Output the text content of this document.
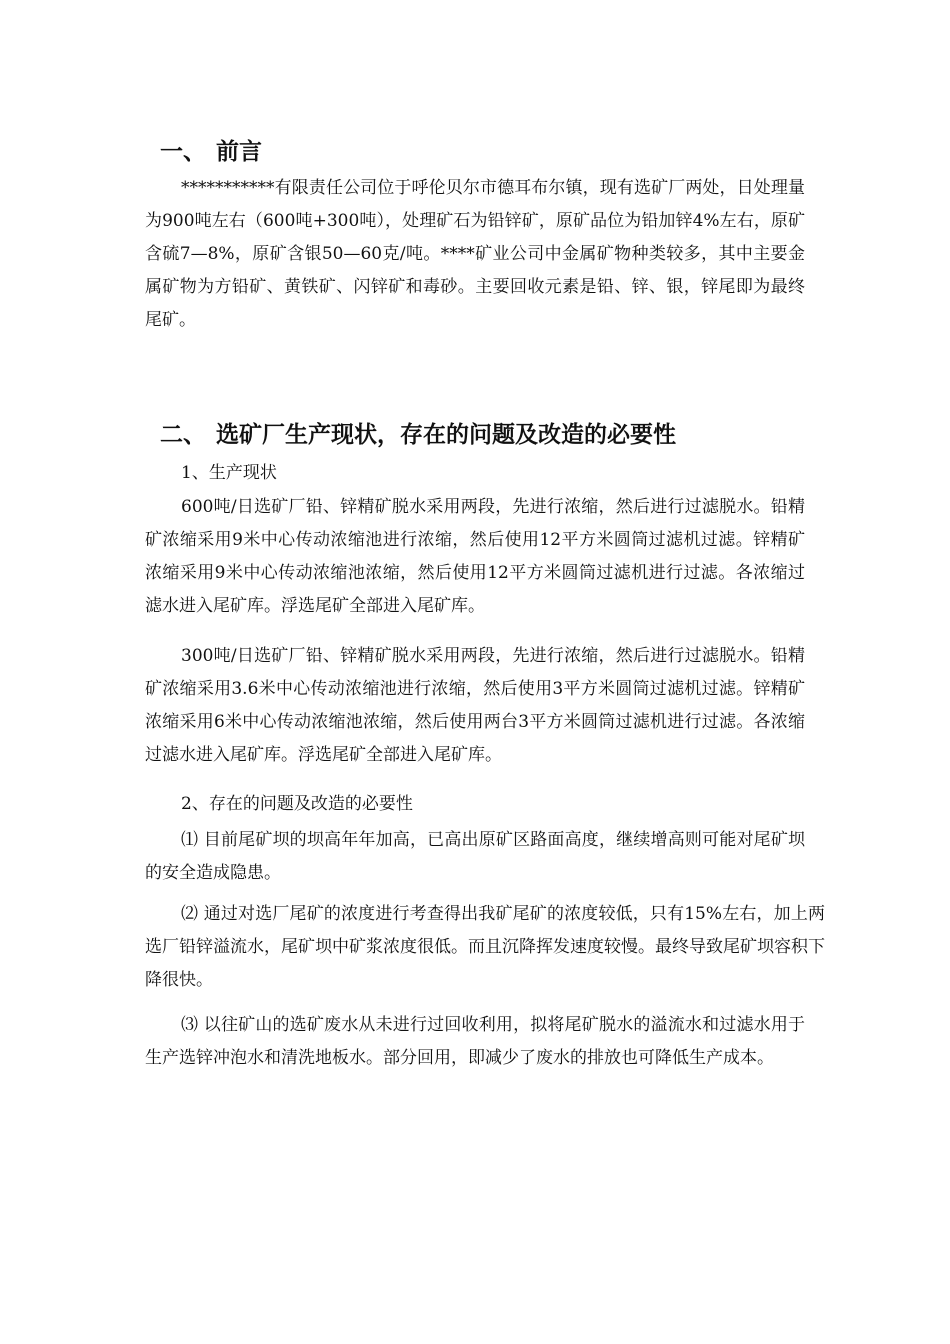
一、 前言

***********有限责任公司位于呼伦贝尔市德耳布尔镇，现有选矿厂两处，日处理量为900吨左右（600吨+300吨），处理矿石为铅锌矿，原矿品位为铅加锌4%左右，原矿含硫7—8%，原矿含银50—60克/吨。****矿业公司中金属矿物种类较多，其中主要金属矿物为方铅矿、黄铁矿、闪锌矿和毒砂。主要回收元素是铅、锌、银，锌尾即为最终尾矿。

二、 选矿厂生产现状，存在的问题及改造的必要性

1、生产现状

600吨/日选矿厂铅、锌精矿脱水采用两段，先进行浓缩，然后进行过滤脱水。铅精矿浓缩采用9米中心传动浓缩池进行浓缩，然后使用12平方米圆筒过滤机过滤。锌精矿浓缩采用9米中心传动浓缩池浓缩，然后使用12平方米圆筒过滤机进行过滤。各浓缩过滤水进入尾矿库。浮选尾矿全部进入尾矿库。

300吨/日选矿厂铅、锌精矿脱水采用两段，先进行浓缩，然后进行过滤脱水。铅精矿浓缩采用3.6米中心传动浓缩池进行浓缩，然后使用3平方米圆筒过滤机过滤。锌精矿浓缩采用6米中心传动浓缩池浓缩，然后使用两台3平方米圆筒过滤机进行过滤。各浓缩过滤水进入尾矿库。浮选尾矿全部进入尾矿库。

2、存在的问题及改造的必要性

⑴ 目前尾矿坝的坝高年年加高，已高出原矿区路面高度，继续增高则可能对尾矿坝的安全造成隐患。

⑵ 通过对选厂尾矿的浓度进行考查得出我矿尾矿的浓度较低，只有15%左右，加上两选厂铅锌溢流水，尾矿坝中矿浆浓度很低。而且沉降挥发速度较慢。最终导致尾矿坝容积下降很快。

⑶ 以往矿山的选矿废水从未进行过回收利用，拟将尾矿脱水的溢流水和过滤水用于生产选锌冲泡水和清洗地板水。部分回用，即减少了废水的排放也可降低生产成本。
